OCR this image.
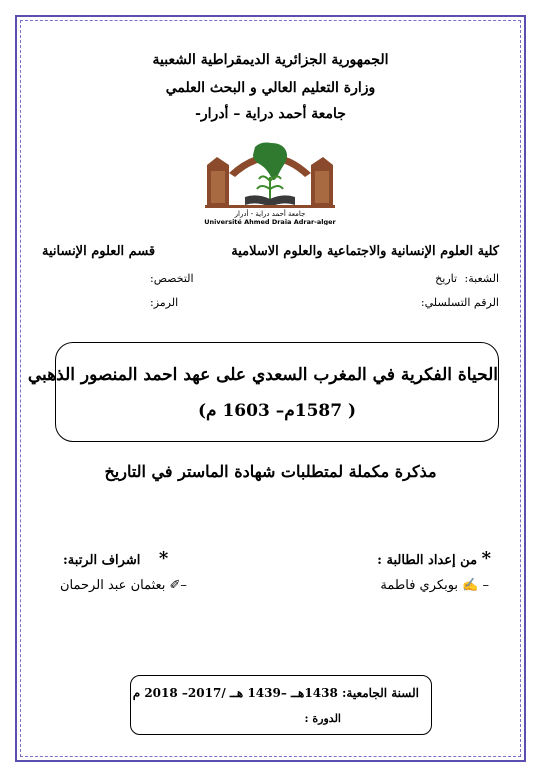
الجمهورية الجزائرية الديمقراطية الشعبية
وزارة التعليم العالي و البحث العلمي
جامعة أحمد دراية – أدرار-
جامعة أحمد دراية - أدرار
Université Ahmed Draia Adrar-alger
كلية العلوم الإنسانية والاجتماعية والعلوم الاسلامية
قسم العلوم الإنسانية
الشعبة: تاريخ
التخصص:
الرقم التسلسلي:
الرمز:
الحياة الفكرية في المغرب السعدي على عهد احمد المنصور الذهبي
( 1587م– 1603 م)
مذكرة مكملة لمتطلبات شهادة الماستر في التاريخ
* من إعداد الطالبة :
* اشراف الرتبة:
– ✍ بوبكري فاطمة
–✐ بعثمان عبد الرحمان
السنة الجامعية: 1438هــ –1439 هــ /2017– 2018 م
الدورة :
